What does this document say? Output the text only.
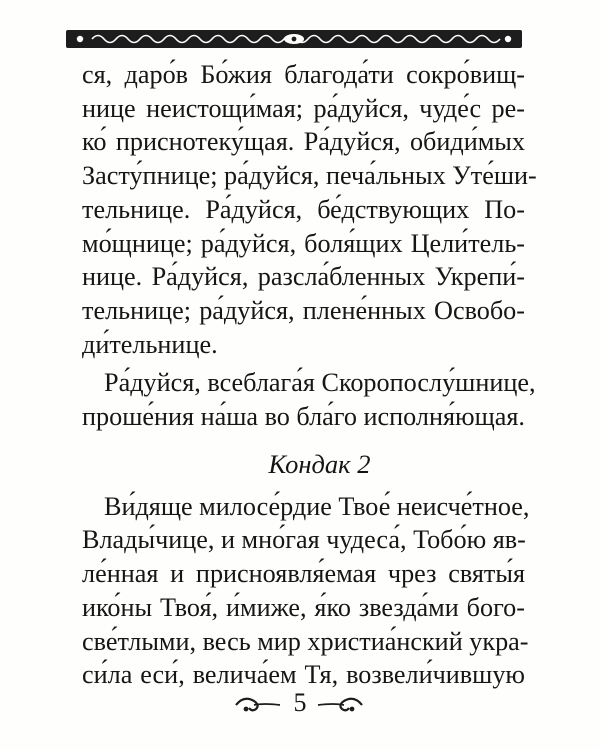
ся, даро́в Бо́жия благода́ти сокро́вищ-
нице неистощи́мая; ра́дуйся, чуде́с ре-
ко́ приснотеку́щая. Ра́дуйся, обиди́мых
Засту́пнице; ра́дуйся, печа́льных Уте́ши-
тельнице. Ра́дуйся, бе́дствующих По-
мо́щнице; ра́дуйся, боля́щих Цели́тель-
нице. Ра́дуйся, разсла́бленных Укрепи́-
тельнице; ра́дуйся, плене́нных Освобо-
ди́тельнице.

Ра́дуйся, всеблага́я Скоропослу́шнице,
проше́ния на́ша во бла́го исполня́ющая.

Кондак 2

Ви́дяще милосе́рдие Твое́ неисче́тное,
Влады́чице, и мно́гая чудеса́, Тобо́ю яв-
ле́нная и присноявля́емая чрез святы́я
ико́ны Твоя́, и́миже, я́ко звезда́ми бого-
све́тлыми, весь мир христиа́нский укра-
си́ла еси́, велича́ем Тя, возвели́чившую

5
